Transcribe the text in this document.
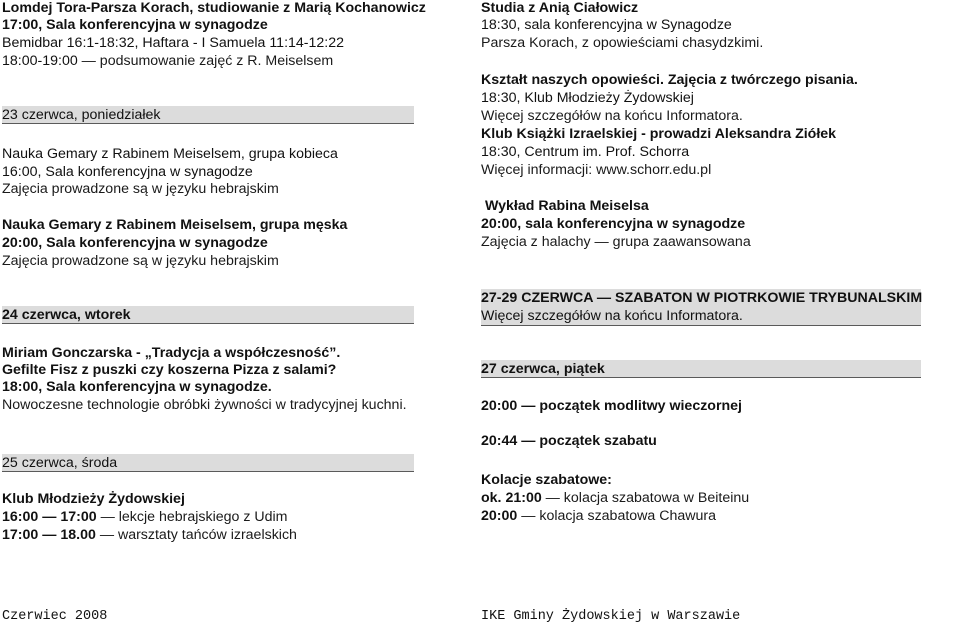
Lomdej Tora-Parsza Korach, studiowanie z Marią Kochanowicz
17:00, Sala konferencyjna w synagodze
Bemidbar 16:1-18:32, Haftara - I Samuela 11:14-12:22
18:00-19:00 — podsumowanie zajęć z R. Meiselsem
23 czerwca, poniedziałek
Nauka Gemary z Rabinem Meiselsem, grupa kobieca
16:00, Sala konferencyjna w synagodze
Zajęcia prowadzone są w języku hebrajskim
Nauka Gemary z Rabinem Meiselsem, grupa męska
20:00, Sala konferencyjna w synagodze
Zajęcia prowadzone są w języku hebrajskim
24 czerwca, wtorek
Miriam Gonczarska - „Tradycja a współczesność”.
Gefilte Fisz z puszki czy koszerna Pizza z salami?
18:00, Sala konferencyjna w synagodze.
Nowoczesne technologie obróbki żywności w tradycyjnej kuchni.
25 czerwca, środa
Klub Młodzieży Żydowskiej
16:00 — 17:00 — lekcje hebrajskiego z Udim
17:00 — 18.00 — warsztaty tańców izraelskich
Studia z Anią Ciałowicz
18:30, sala konferencyjna w Synagodze
Parsza Korach, z opowieściami chasydzkimi.
Kształt naszych opowieści. Zajęcia z twórczego pisania.
18:30, Klub Młodzieży Żydowskiej
Więcej szczegółów na końcu Informatora.
Klub Książki Izraelskiej - prowadzi Aleksandra Ziółek
18:30, Centrum im. Prof. Schorra
Więcej informacji: www.schorr.edu.pl
Wykład Rabina Meiselsa
20:00, sala konferencyjna w synagodze
Zajęcia z halachy — grupa zaawansowana
27-29 CZERWCA — SZABATON W PIOTRKOWIE TRYBUNALSKIM
Więcej szczegółów na końcu Informatora.
27 czerwca, piątek
20:00 — początek modlitwy wieczornej
20:44 — początek szabatu
Kolacje szabatowe:
ok. 21:00 — kolacja szabatowa w Beiteinu
20:00 — kolacja szabatowa Chawura
Czerwiec 2008	IKE Gminy Żydowskiej w Warszawie
